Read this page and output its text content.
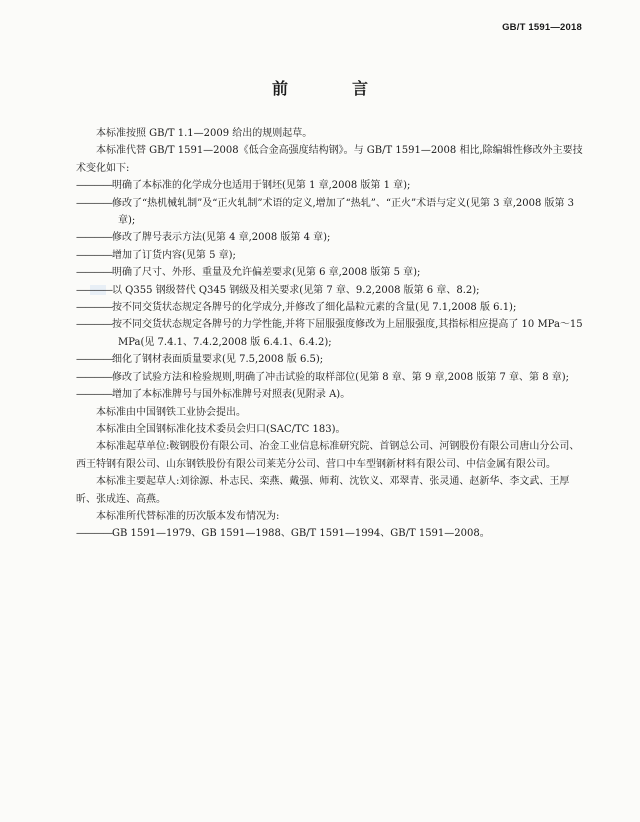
GB/T 1591—2018
前　言

本标准按照 GB/T 1.1—2009 给出的规则起草。

本标准代替 GB/T 1591—2008《低合金高强度结构钢》。与 GB/T 1591—2008 相比,除编辑性修改外主要技术变化如下:

———— 明确了本标准的化学成分也适用于钢坯(见第 1 章,2008 版第 1 章);

———— 修改了“热机械轧制”及“正火轧制”术语的定义,增加了“热轧”、“正火”术语与定义(见第 3 章,2008 版第 3 章);

———— 修改了牌号表示方法(见第 4 章,2008 版第 4 章);

———— 增加了订货内容(见第 5 章);

———— 明确了尺寸、外形、重量及允许偏差要求(见第 6 章,2008 版第 5 章);

———— 以 Q355 钢级替代 Q345 钢级及相关要求(见第 7 章、9.2,2008 版第 6 章、8.2);

———— 按不同交货状态规定各牌号的化学成分,并修改了细化晶粒元素的含量(见 7.1,2008 版 6.1);

———— 按不同交货状态规定各牌号的力学性能,并将下屈服强度修改为上屈服强度,其指标相应提高了 10 MPa～15 MPa(见 7.4.1、7.4.2,2008 版 6.4.1、6.4.2);

———— 细化了钢材表面质量要求(见 7.5,2008 版 6.5);

———— 修改了试验方法和检验规则,明确了冲击试验的取样部位(见第 8 章、第 9 章,2008 版第 7 章、第 8 章);

———— 增加了本标准牌号与国外标准牌号对照表(见附录 A)。

本标准由中国钢铁工业协会提出。

本标准由全国钢标准化技术委员会归口(SAC/TC 183)。

本标准起草单位:鞍钢股份有限公司、冶金工业信息标准研究院、首钢总公司、河钢股份有限公司唐山分公司、西王特钢有限公司、山东钢铁股份有限公司莱芜分公司、营口中车型钢新材料有限公司、中信金属有限公司。

本标准主要起草人:刘徐源、朴志民、栾燕、戴强、师莉、沈钦义、邓翠青、张灵通、赵新华、李文武、王厚昕、张成连、高燕。

本标准所代替标准的历次版本发布情况为:

———— GB 1591—1979、GB 1591—1988、GB/T 1591—1994、GB/T 1591—2008。
